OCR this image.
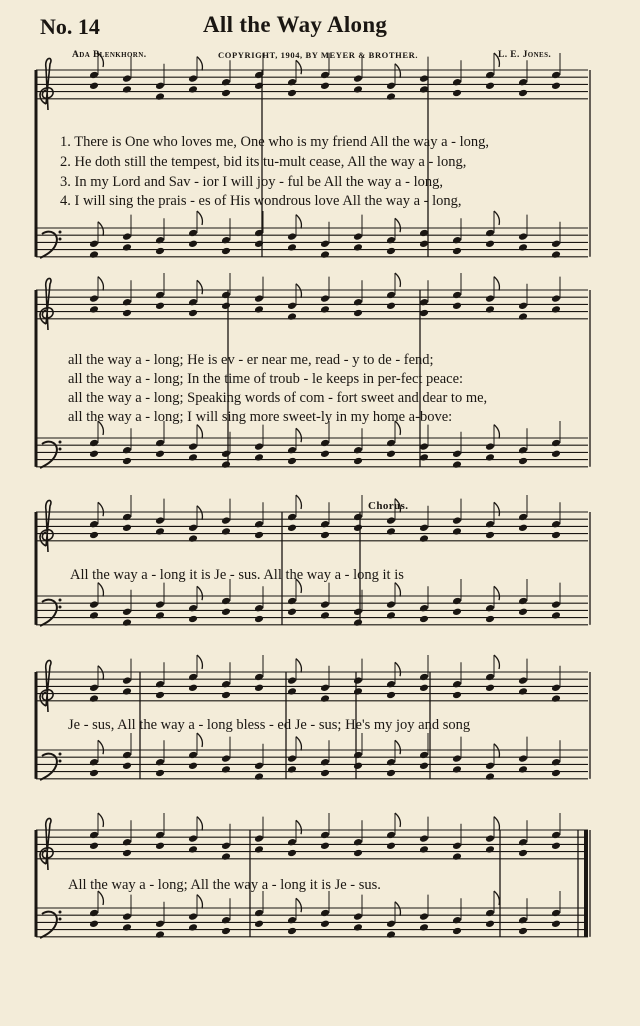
No. 14	All the Way Along
Ada Blenkhorn.	COPYRIGHT, 1904, BY MEYER & BROTHER.	L. E. Jones.
1. There is One who loves me, One who is my friend All the way a - long,
2. He doth still the tempest, bid its tu-mult cease, All the way a - long,
3. In my Lord and Sav - ior I will joy - ful be All the way a - long,
4. I will sing the prais - es of His wondrous love All the way a - long,
all the way a - long; He is ev - er near me, read - y to de - fend;
all the way a - long; In the time of troub - le keeps in per-fect peace:
all the way a - long; Speaking words of com - fort sweet and dear to me,
all the way a - long; I will sing more sweet-ly in my home a-bove:
Chorus.
All the way a - long it is Je - sus. All the way a - long it is
Je - sus, All the way a - long bless - ed Je - sus; He's my joy and song
All the way a - long; All the way a - long it is Je - sus.
